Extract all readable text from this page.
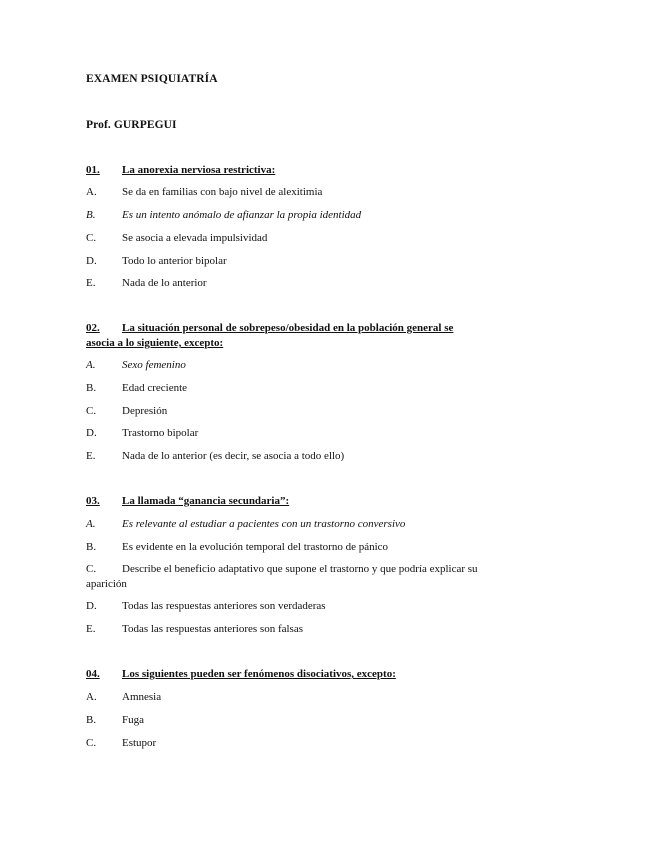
EXAMEN PSIQUIATRÍA
Prof. GURPEGUI
01. La anorexia nerviosa restrictiva:
A. Se da en familias con bajo nivel de alexitimia
B. Es un intento anómalo de afianzar la propia identidad
C. Se asocia a elevada impulsividad
D. Todo lo anterior bipolar
E. Nada de lo anterior
02. La situación personal de sobrepeso/obesidad en la población general se
asocia a lo siguiente, excepto:
A. Sexo femenino
B. Edad creciente
C. Depresión
D. Trastorno bipolar
E. Nada de lo anterior (es decir, se asocia a todo ello)
03. La llamada “ganancia secundaria”:
A. Es relevante al estudiar a pacientes con un trastorno conversivo
B. Es evidente en la evolución temporal del trastorno de pánico
C. Describe el beneficio adaptativo que supone el trastorno y que podría explicar su
aparición
D. Todas las respuestas anteriores son verdaderas
E. Todas las respuestas anteriores son falsas
04. Los siguientes pueden ser fenómenos disociativos, excepto:
A. Amnesia
B. Fuga
C. Estupor
